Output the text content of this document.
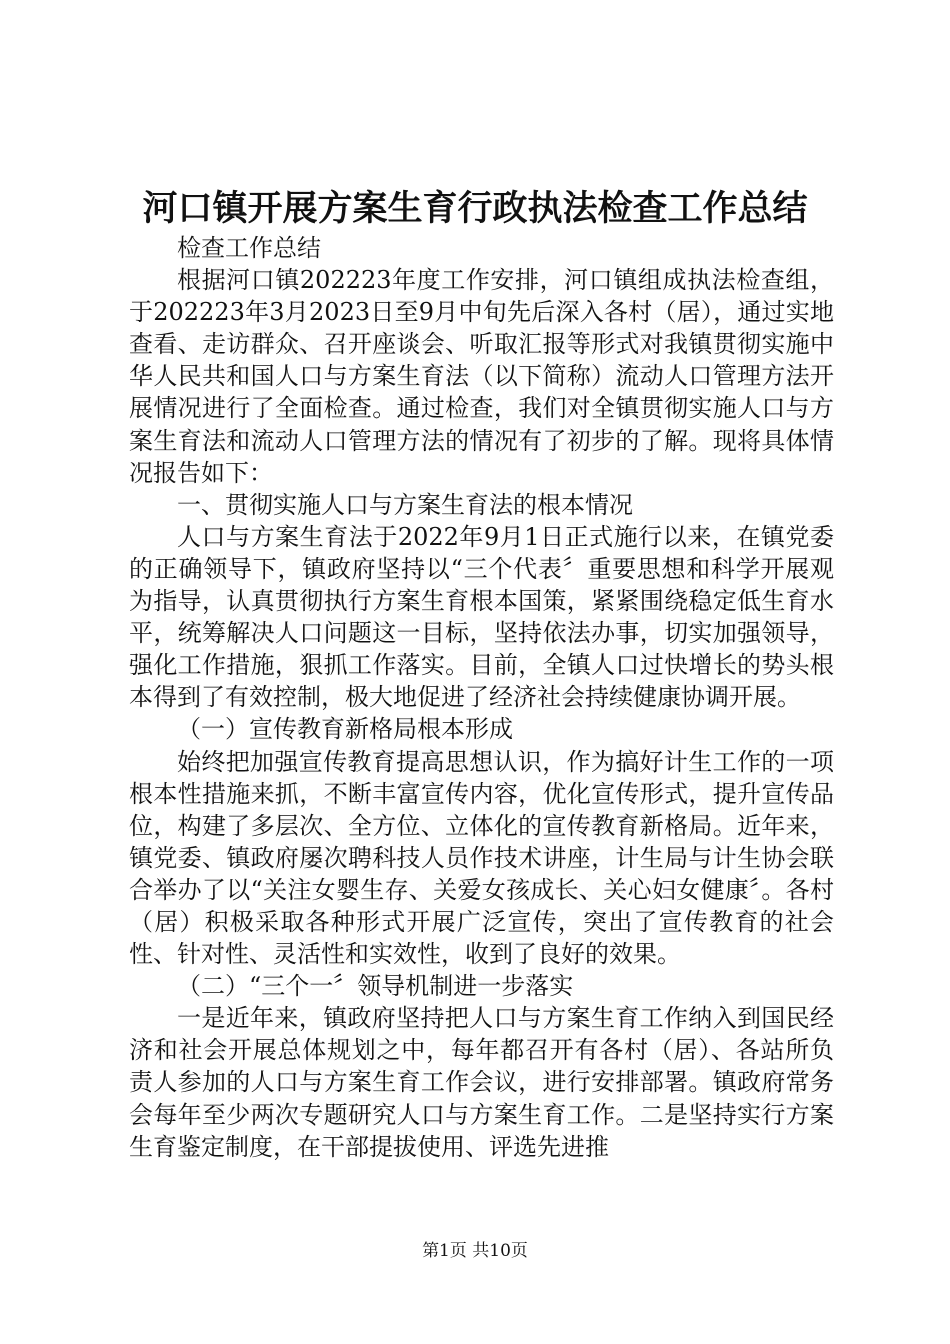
河口镇开展方案生育行政执法检查工作总结

检查工作总结

根据河口镇202223年度工作安排，河口镇组成执法检查组，于202223年3月2023日至9月中旬先后深入各村（居），通过实地查看、走访群众、召开座谈会、听取汇报等形式对我镇贯彻实施中华人民共和国人口与方案生育法（以下简称）流动人口管理方法开展情况进行了全面检查。通过检查，我们对全镇贯彻实施人口与方案生育法和流动人口管理方法的情况有了初步的了解。现将具体情况报告如下：

一、贯彻实施人口与方案生育法的根本情况

人口与方案生育法于2022年9月1日正式施行以来，在镇党委的正确领导下，镇政府坚持以“三个代表〞重要思想和科学开展观为指导，认真贯彻执行方案生育根本国策，紧紧围绕稳定低生育水平，统筹解决人口问题这一目标，坚持依法办事，切实加强领导，强化工作措施，狠抓工作落实。目前，全镇人口过快增长的势头根本得到了有效控制，极大地促进了经济社会持续健康协调开展。

（一）宣传教育新格局根本形成

始终把加强宣传教育提高思想认识，作为搞好计生工作的一项根本性措施来抓，不断丰富宣传内容，优化宣传形式，提升宣传品位，构建了多层次、全方位、立体化的宣传教育新格局。近年来，镇党委、镇政府屡次聘科技人员作技术讲座，计生局与计生协会联合举办了以“关注女婴生存、关爱女孩成长、关心妇女健康〞。各村（居）积极采取各种形式开展广泛宣传，突出了宣传教育的社会性、针对性、灵活性和实效性，收到了良好的效果。

（二）“三个一〞领导机制进一步落实

一是近年来，镇政府坚持把人口与方案生育工作纳入到国民经济和社会开展总体规划之中，每年都召开有各村（居）、各站所负责人参加的人口与方案生育工作会议，进行安排部署。镇政府常务会每年至少两次专题研究人口与方案生育工作。二是坚持实行方案生育鉴定制度，在干部提拔使用、评选先进推

第1页 共10页
